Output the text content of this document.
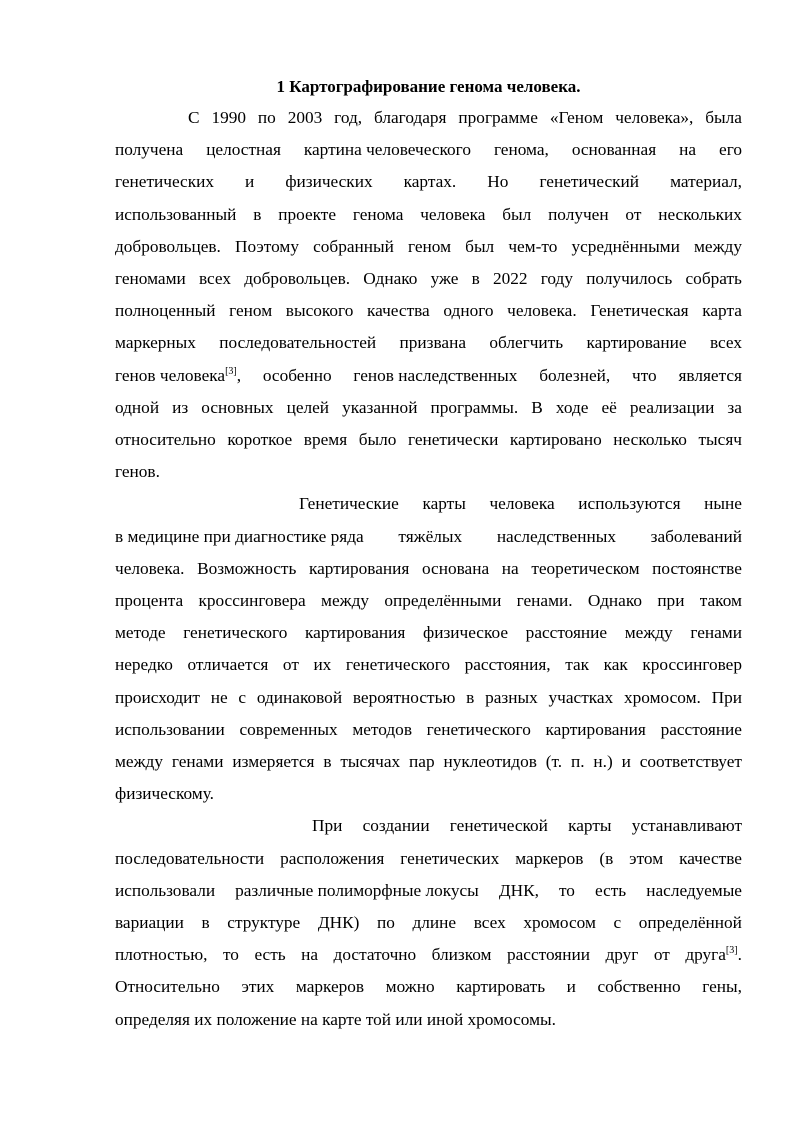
1 Картографирование генома человека.
С 1990 по 2003 год, благодаря программе «Геном человека», была
получена целостная картина человеческого генома, основанная на его
генетических и физических картах. Но генетический материал,
использованный в проекте генома человека был получен от нескольких
добровольцев. Поэтому собранный геном был чем-то усреднёнными между
геномами всех добровольцев. Однако уже в 2022 году получилось собрать
полноценный геном высокого качества одного человека. Генетическая карта
маркерных последовательностей призвана облегчить картирование всех
генов человека[3], особенно генов наследственных болезней, что является
одной из основных целей указанной программы. В ходе её реализации за
относительно короткое время было генетически картировано несколько тысяч
генов.
Генетические карты человека используются ныне
в медицине при диагностике ряда тяжёлых наследственных заболеваний
человека. Возможность картирования основана на теоретическом постоянстве
процента кроссинговера между определёнными генами. Однако при таком
методе генетического картирования физическое расстояние между генами
нередко отличается от их генетического расстояния, так как кроссинговер
происходит не с одинаковой вероятностью в разных участках хромосом. При
использовании современных методов генетического картирования расстояние
между генами измеряется в тысячах пар нуклеотидов (т. п. н.) и соответствует
физическому.
При создании генетической карты устанавливают
последовательности расположения генетических маркеров (в этом качестве
использовали различные полиморфные локусы ДНК, то есть наследуемые
вариации в структуре ДНК) по длине всех хромосом с определённой
плотностью, то есть на достаточно близком расстоянии друг от друга[3].
Относительно этих маркеров можно картировать и собственно гены,
определяя их положение на карте той или иной хромосомы.
